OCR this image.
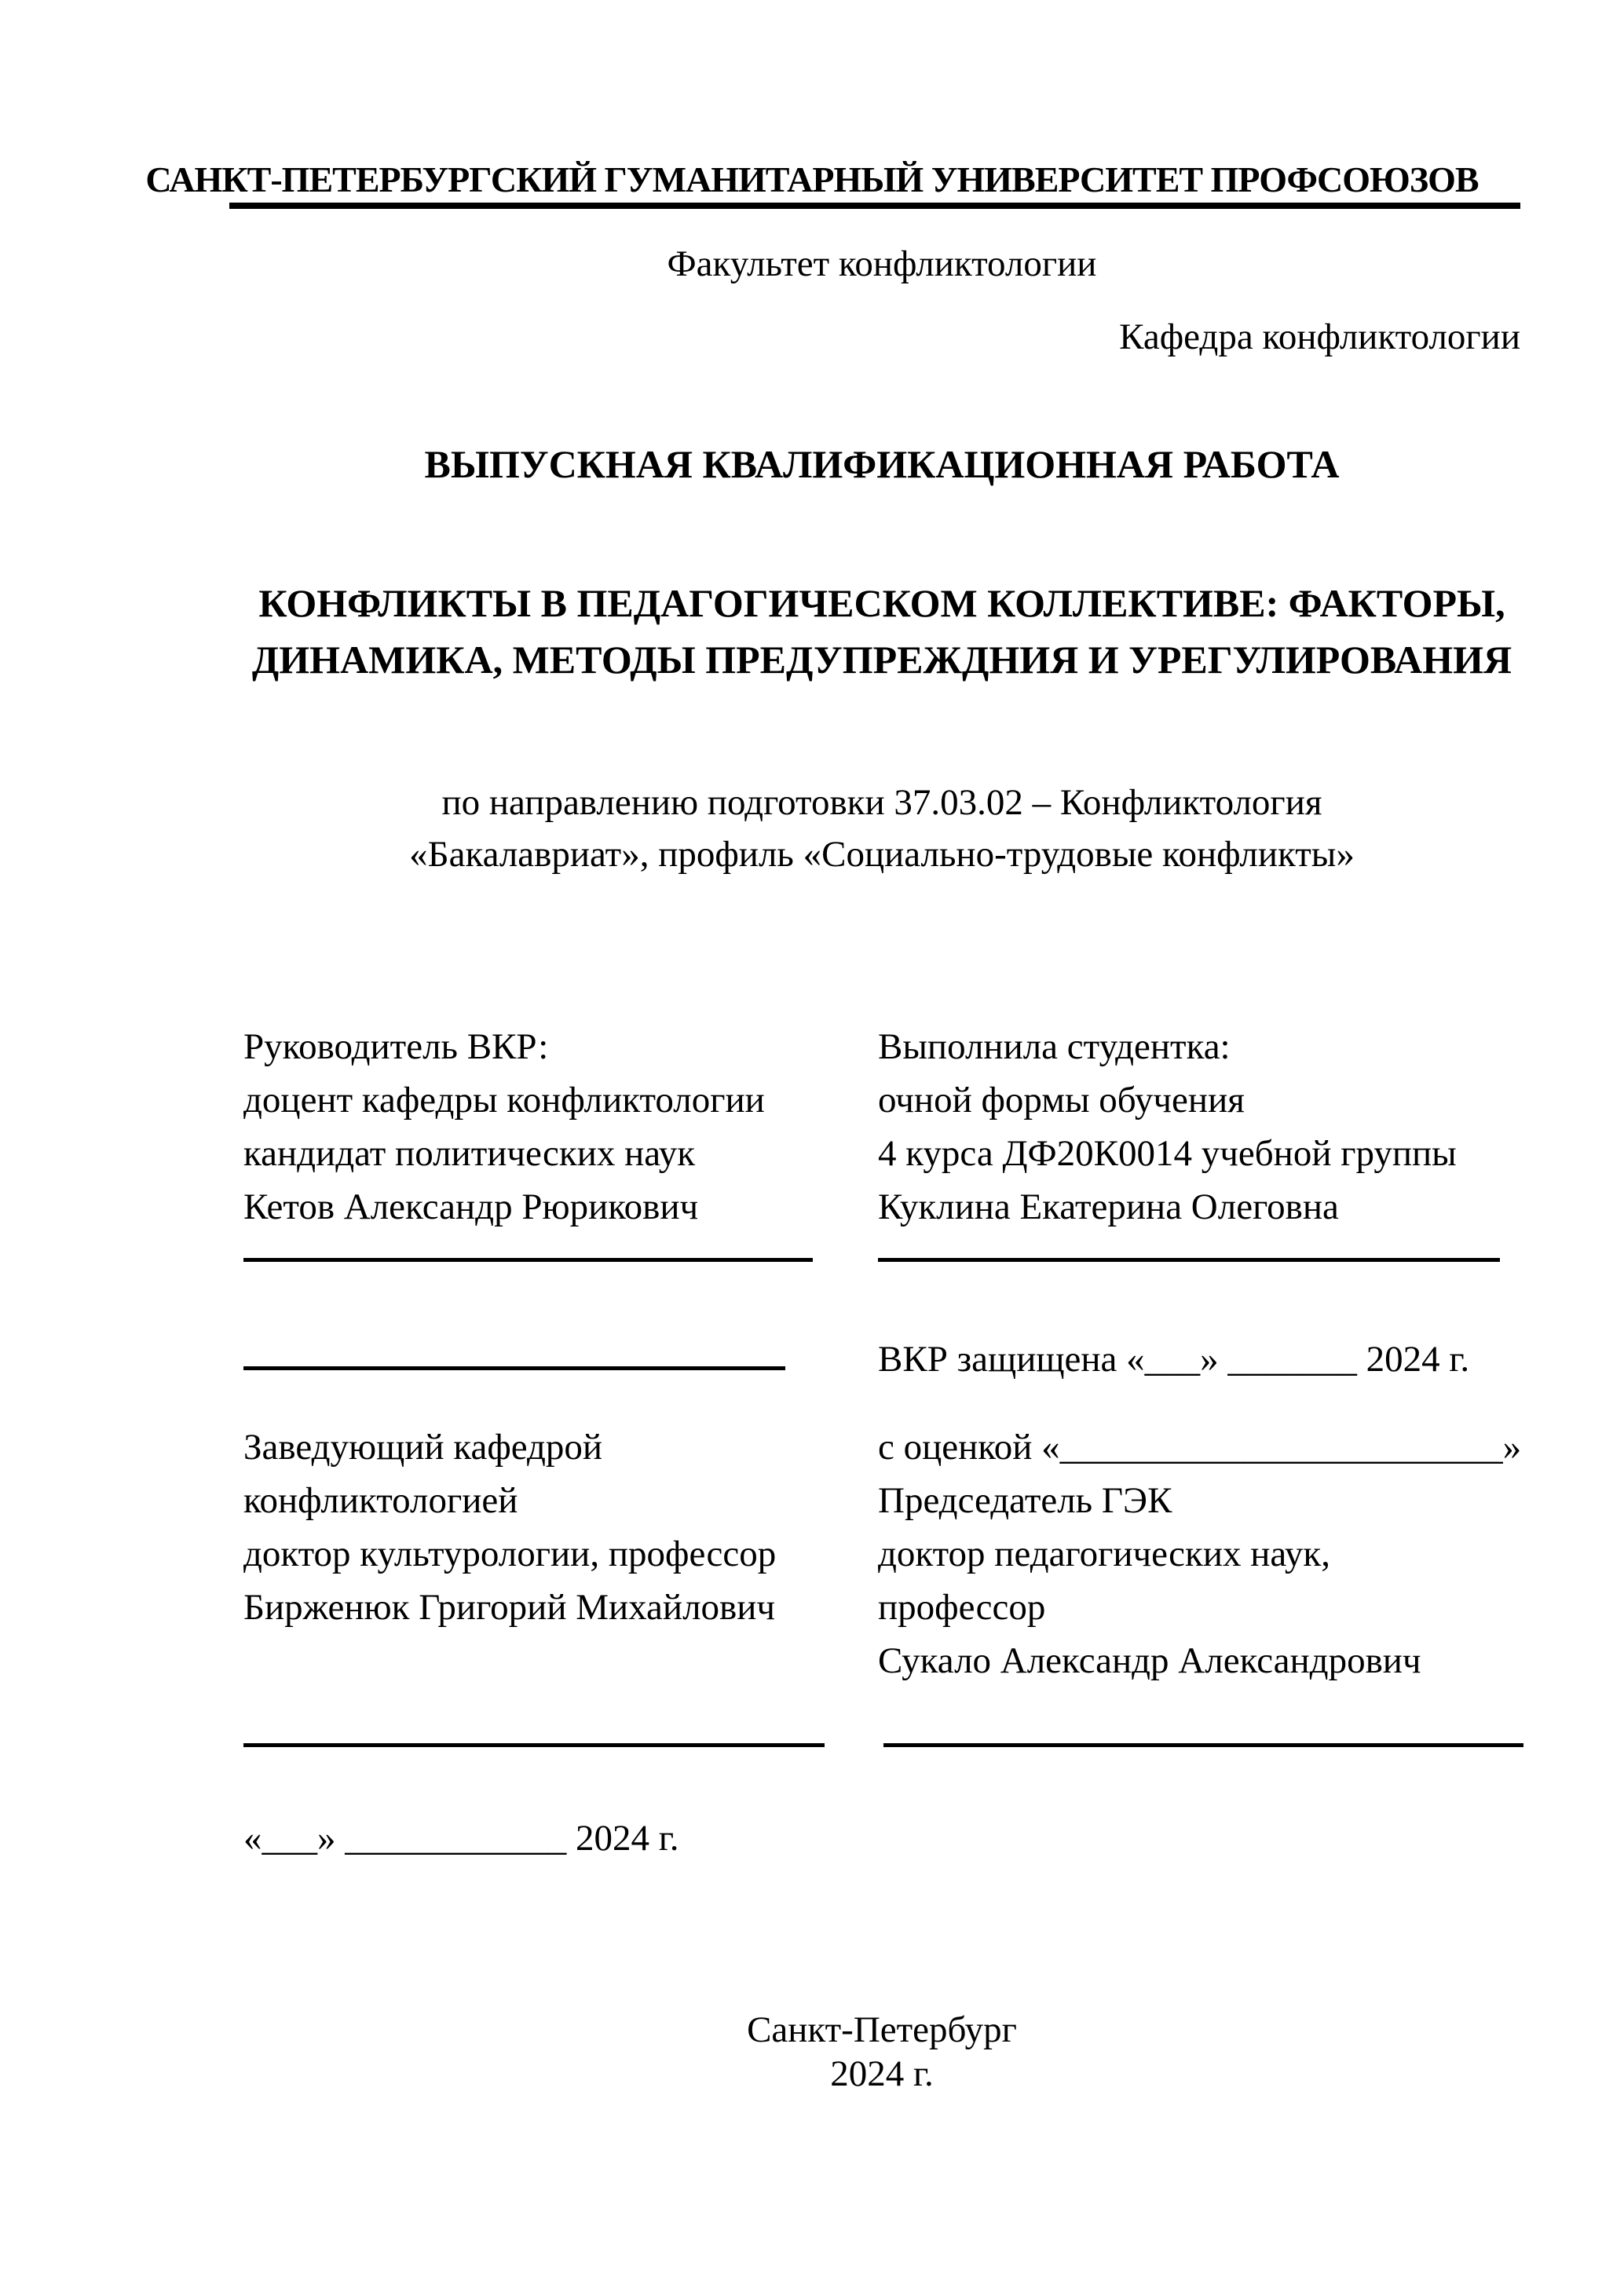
САНКТ-ПЕТЕРБУРГСКИЙ ГУМАНИТАРНЫЙ УНИВЕРСИТЕТ ПРОФСОЮЗОВ
Факультет конфликтологии
Кафедра конфликтологии
ВЫПУСКНАЯ КВАЛИФИКАЦИОННАЯ РАБОТА
КОНФЛИКТЫ В ПЕДАГОГИЧЕСКОМ КОЛЛЕКТИВЕ: ФАКТОРЫ,
ДИНАМИКА, МЕТОДЫ ПРЕДУПРЕЖДНИЯ И УРЕГУЛИРОВАНИЯ
по направлению подготовки 37.03.02 – Конфликтология
«Бакалавриат», профиль «Социально-трудовые конфликты»
Руководитель ВКР:
доцент кафедры конфликтологии
кандидат политических наук
Кетов Александр Рюрикович
Выполнила студентка:
очной формы обучения
4 курса ДФ20К0014 учебной группы
Куклина Екатерина Олеговна
ВКР защищена «___» _______ 2024 г.
Заведующий кафедрой
конфликтологией
доктор культурологии, профессор
Бирженюк Григорий Михайлович
с оценкой «________________________»
Председатель ГЭК
доктор педагогических наук,
профессор
Сукало Александр Александрович
«___» ____________ 2024 г.
Санкт-Петербург
2024 г.
